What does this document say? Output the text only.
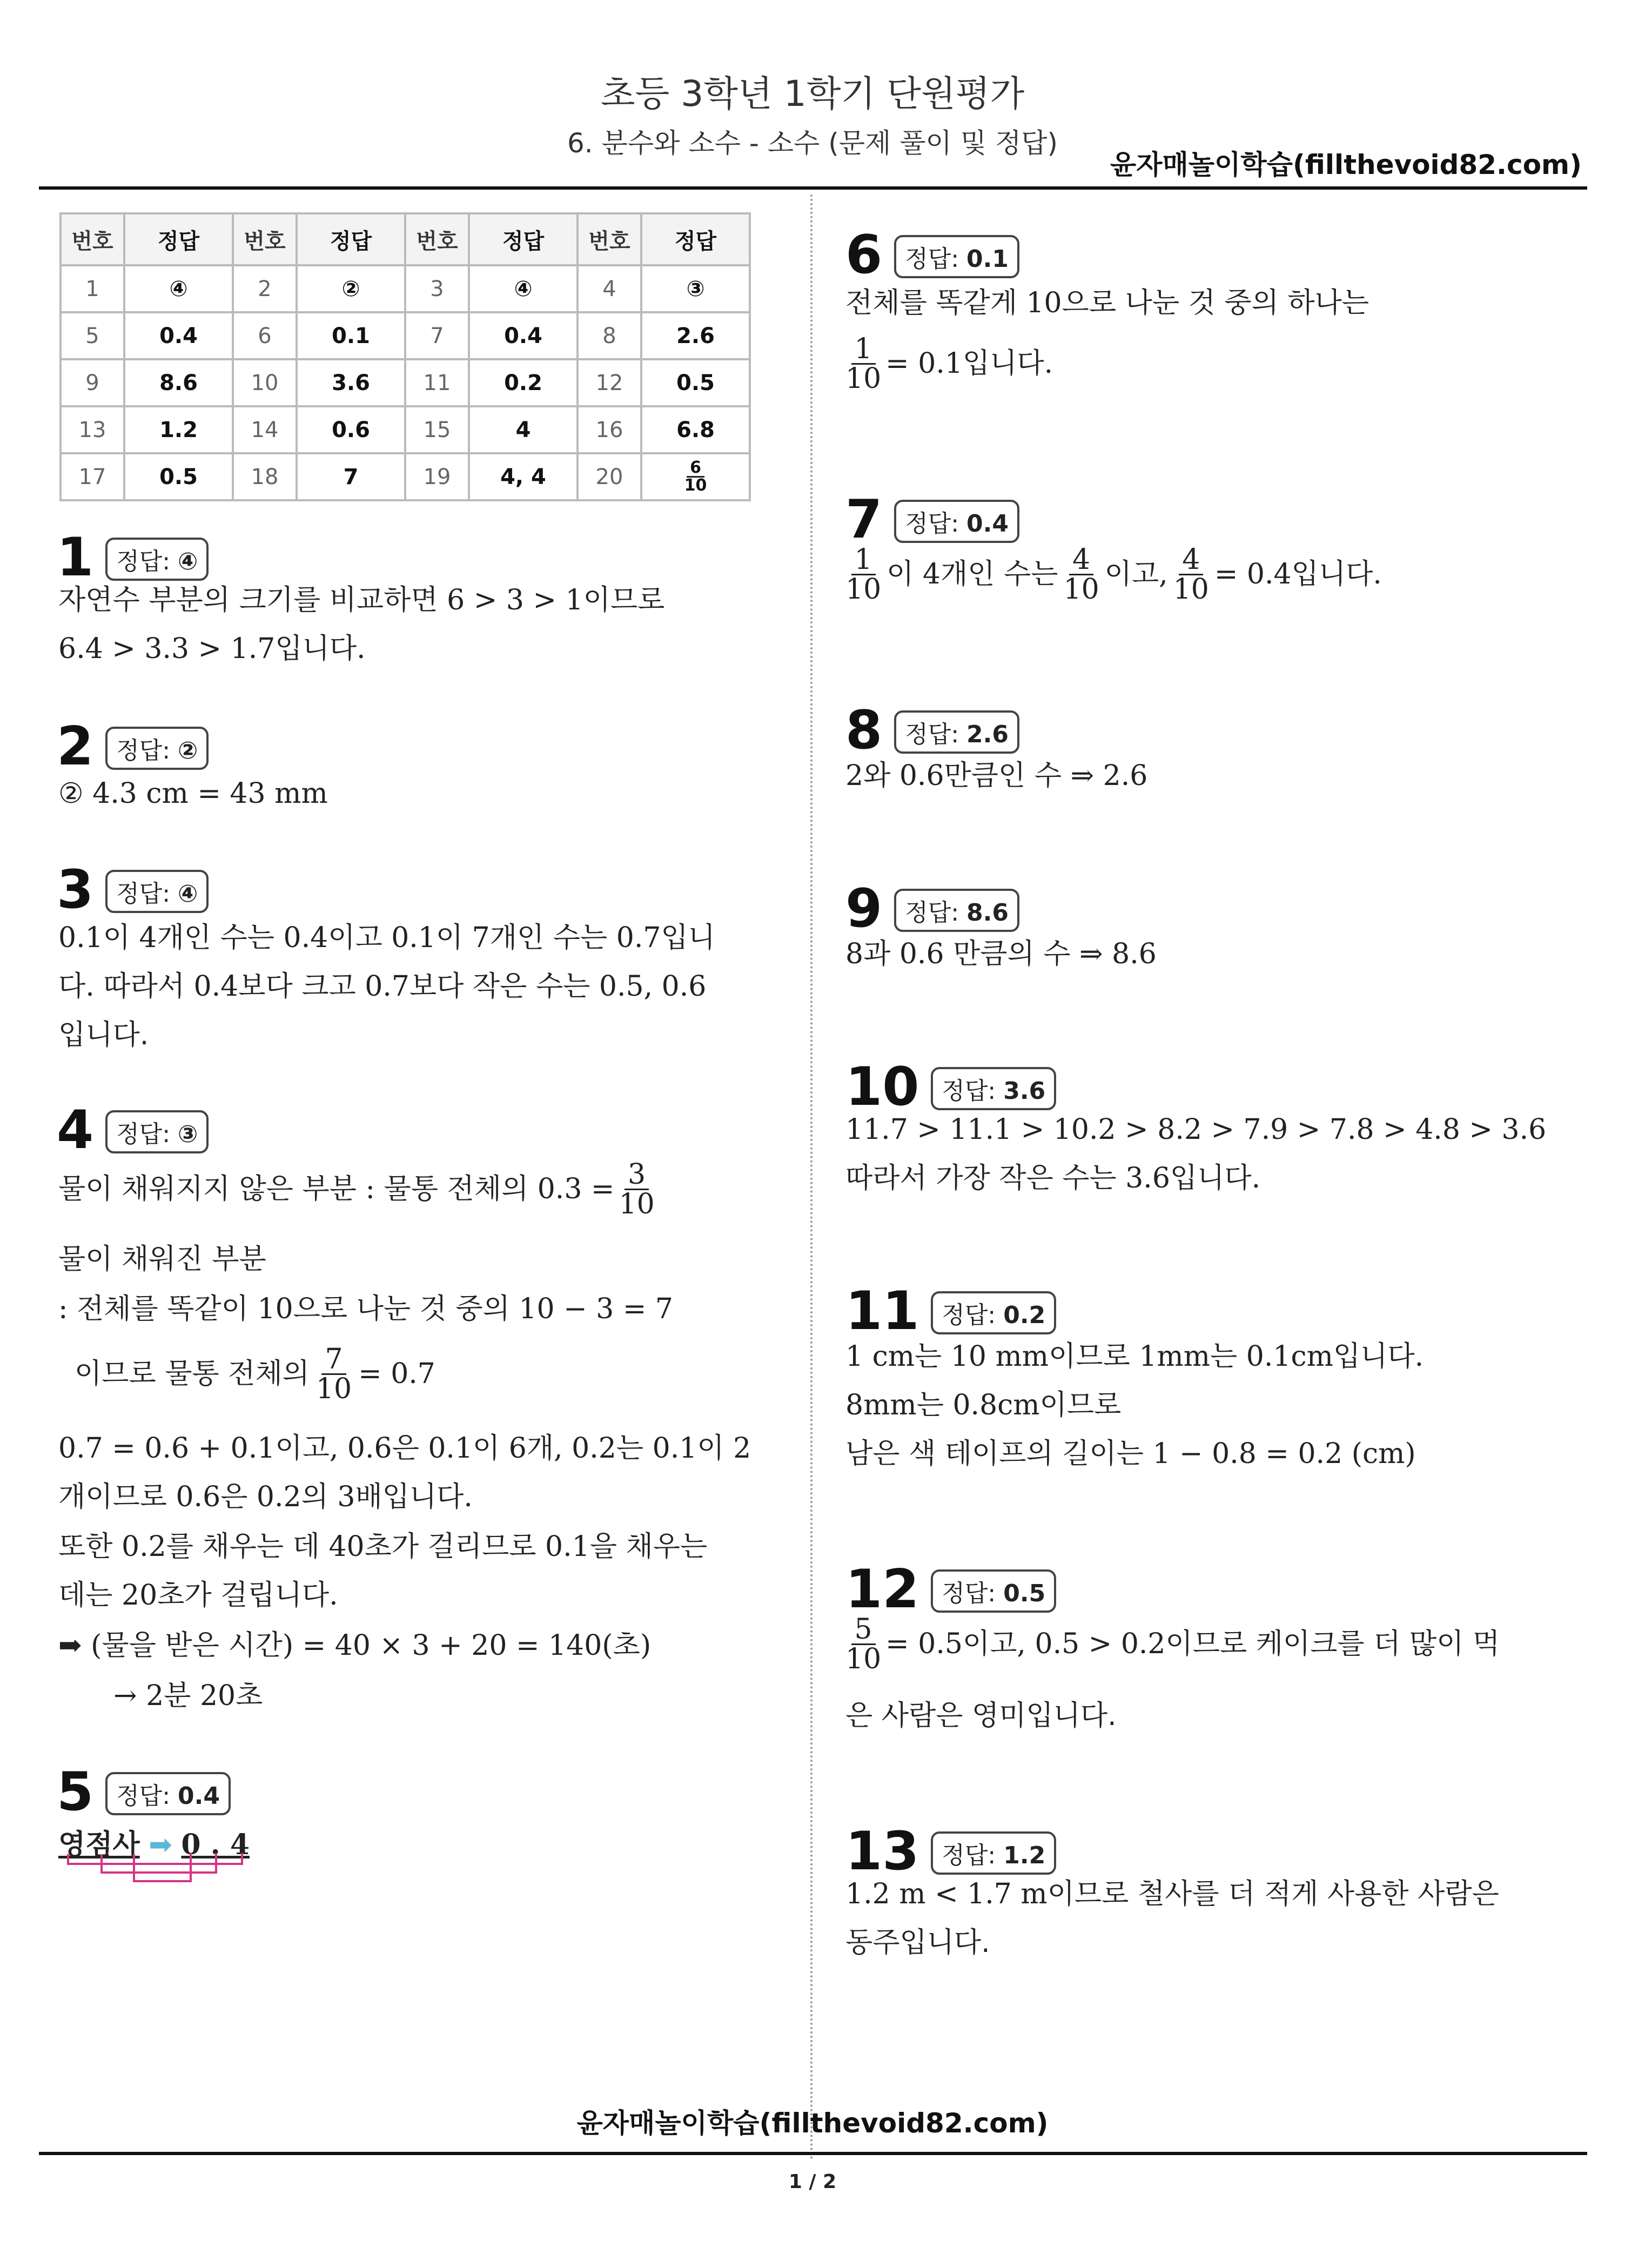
초등 3학년 1학기 단원평가
6. 분수와 소수 - 소수 (문제 풀이 및 정답)
윤자매놀이학습(fillthevoid82.com)
번호	정답	번호	정답	번호	정답	번호	정답
1	④	2	②	3	④	4	③
5	0.4	6	0.1	7	0.4	8	2.6
9	8.6	10	3.6	11	0.2	12	0.5
13	1.2	14	0.6	15	4	16	6.8
17	0.5	18	7	19	4, 4	20	$\frac{6}{10}$
1 정답: ④
자연수 부분의 크기를 비교하면 6 > 3 > 1이므로
6.4 > 3.3 > 1.7입니다.
2 정답: ②
② 4.3 cm = 43 mm
3 정답: ④
0.1이 4개인 수는 0.4이고 0.1이 7개인 수는 0.7입니
다. 따라서 0.4보다 크고 0.7보다 작은 수는 0.5, 0.6
입니다.
4 정답: ③
물이 채워지지 않은 부분 : 물통 전체의 $0.3 = \frac{3}{10}$
물이 채워진 부분
: 전체를 똑같이 10으로 나눈 것 중의 10 − 3 = 7
이므로 물통 전체의 $\frac{7}{10} = 0.7$
0.7 = 0.6 + 0.1이고, 0.6은 0.1이 6개, 0.2는 0.1이 2
개이므로 0.6은 0.2의 3배입니다.
또한 0.2를 채우는 데 40초가 걸리므로 0.1을 채우는
데는 20초가 걸립니다.
➡ (물을 받은 시간) = 40 × 3 + 20 = 140(초)
→ 2분 20초
5 정답: 0.4
영점사 ➡ 0 . 4
6 정답: 0.1
전체를 똑같게 10으로 나눈 것 중의 하나는
$\frac{1}{10} = 0.1$입니다.
7 정답: 0.4
$\frac{1}{10}$ 이 4개인 수는 $\frac{4}{10}$ 이고, $\frac{4}{10} = 0.4$입니다.
8 정답: 2.6
2와 0.6만큼인 수 ⇒ 2.6
9 정답: 8.6
8과 0.6 만큼의 수 ⇒ 8.6
10 정답: 3.6
11.7 > 11.1 > 10.2 > 8.2 > 7.9 > 7.8 > 4.8 > 3.6
따라서 가장 작은 수는 3.6입니다.
11 정답: 0.2
1 cm는 10 mm이므로 1mm는 0.1cm입니다.
8mm는 0.8cm이므로
남은 색 테이프의 길이는 1 − 0.8 = 0.2 (cm)
12 정답: 0.5
$\frac{5}{10} = 0.5$이고, 0.5 > 0.2이므로 케이크를 더 많이 먹
은 사람은 영미입니다.
13 정답: 1.2
1.2 m < 1.7 m이므로 철사를 더 적게 사용한 사람은
동주입니다.
윤자매놀이학습(fillthevoid82.com)
1 / 2
